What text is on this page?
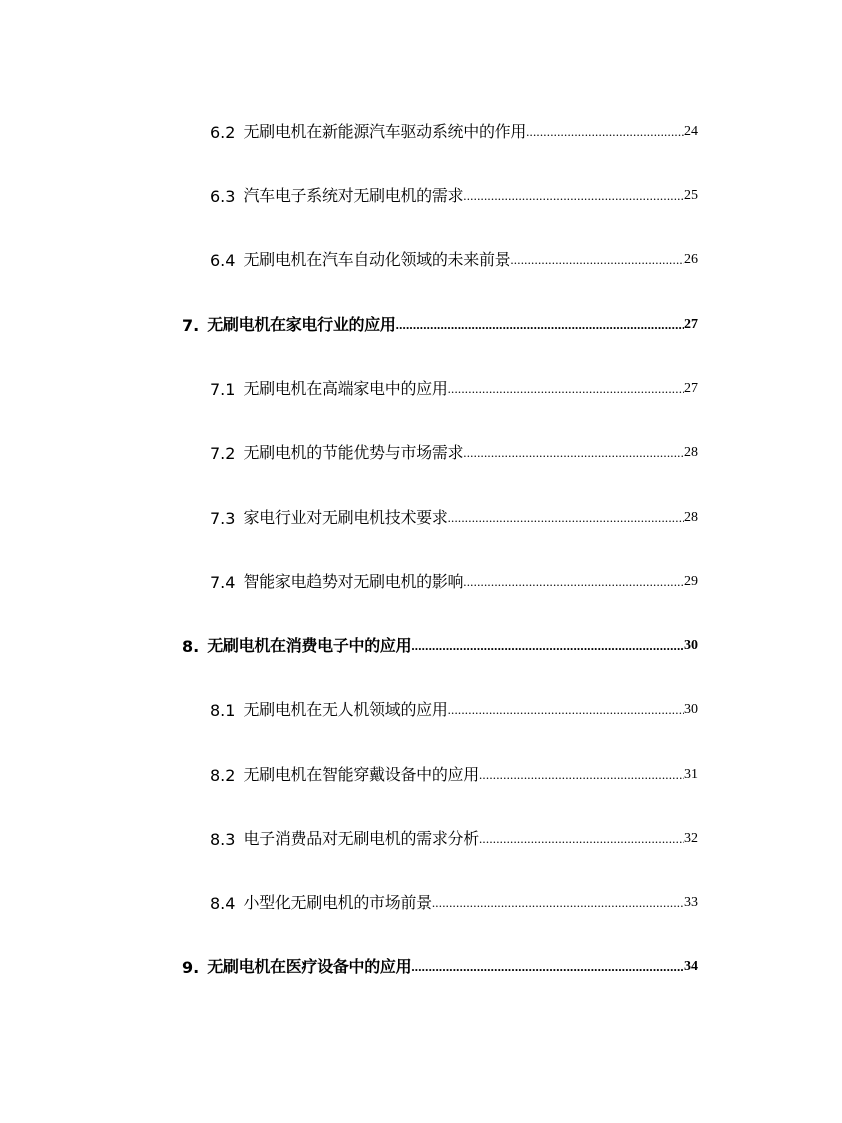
6.2 无刷电机在新能源汽车驱动系统中的作用 .....	24
6.3 汽车电子系统对无刷电机的需求 .....	25
6.4 无刷电机在汽车自动化领域的未来前景 .....	26
7. 无刷电机在家电行业的应用 .....	27
7.1 无刷电机在高端家电中的应用 .....	27
7.2 无刷电机的节能优势与市场需求 .....	28
7.3 家电行业对无刷电机技术要求 .....	28
7.4 智能家电趋势对无刷电机的影响 .....	29
8. 无刷电机在消费电子中的应用 .....	30
8.1 无刷电机在无人机领域的应用 .....	30
8.2 无刷电机在智能穿戴设备中的应用 .....	31
8.3 电子消费品对无刷电机的需求分析 .....	32
8.4 小型化无刷电机的市场前景 .....	33
9. 无刷电机在医疗设备中的应用 .....	34
